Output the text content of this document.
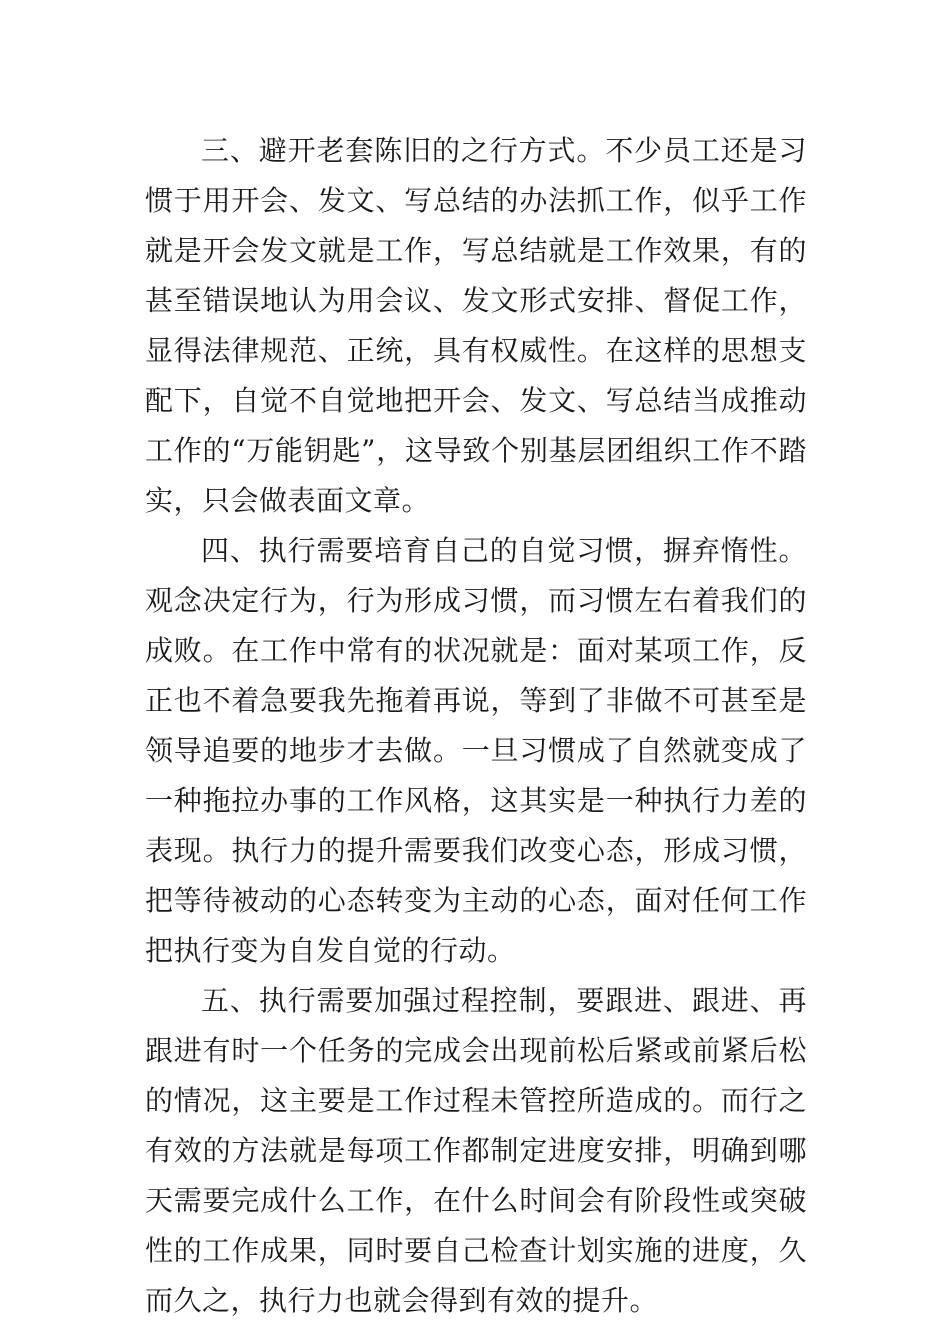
三、避开老套陈旧的之行方式。不少员工还是习惯于用开会、发文、写总结的办法抓工作，似乎工作就是开会发文就是工作，写总结就是工作效果，有的甚至错误地认为用会议、发文形式安排、督促工作，显得法律规范、正统，具有权威性。在这样的思想支配下，自觉不自觉地把开会、发文、写总结当成推动工作的“万能钥匙”，这导致个别基层团组织工作不踏实，只会做表面文章。

四、执行需要培育自己的自觉习惯，摒弃惰性。观念决定行为，行为形成习惯，而习惯左右着我们的成败。在工作中常有的状况就是：面对某项工作，反正也不着急要我先拖着再说，等到了非做不可甚至是领导追要的地步才去做。一旦习惯成了自然就变成了一种拖拉办事的工作风格，这其实是一种执行力差的表现。执行力的提升需要我们改变心态，形成习惯，把等待被动的心态转变为主动的心态，面对任何工作把执行变为自发自觉的行动。

五、执行需要加强过程控制，要跟进、跟进、再跟进有时一个任务的完成会出现前松后紧或前紧后松的情况，这主要是工作过程未管控所造成的。而行之有效的方法就是每项工作都制定进度安排，明确到哪天需要完成什么工作，在什么时间会有阶段性或突破性的工作成果，同时要自己检查计划实施的进度，久而久之，执行力也就会得到有效的提升。
